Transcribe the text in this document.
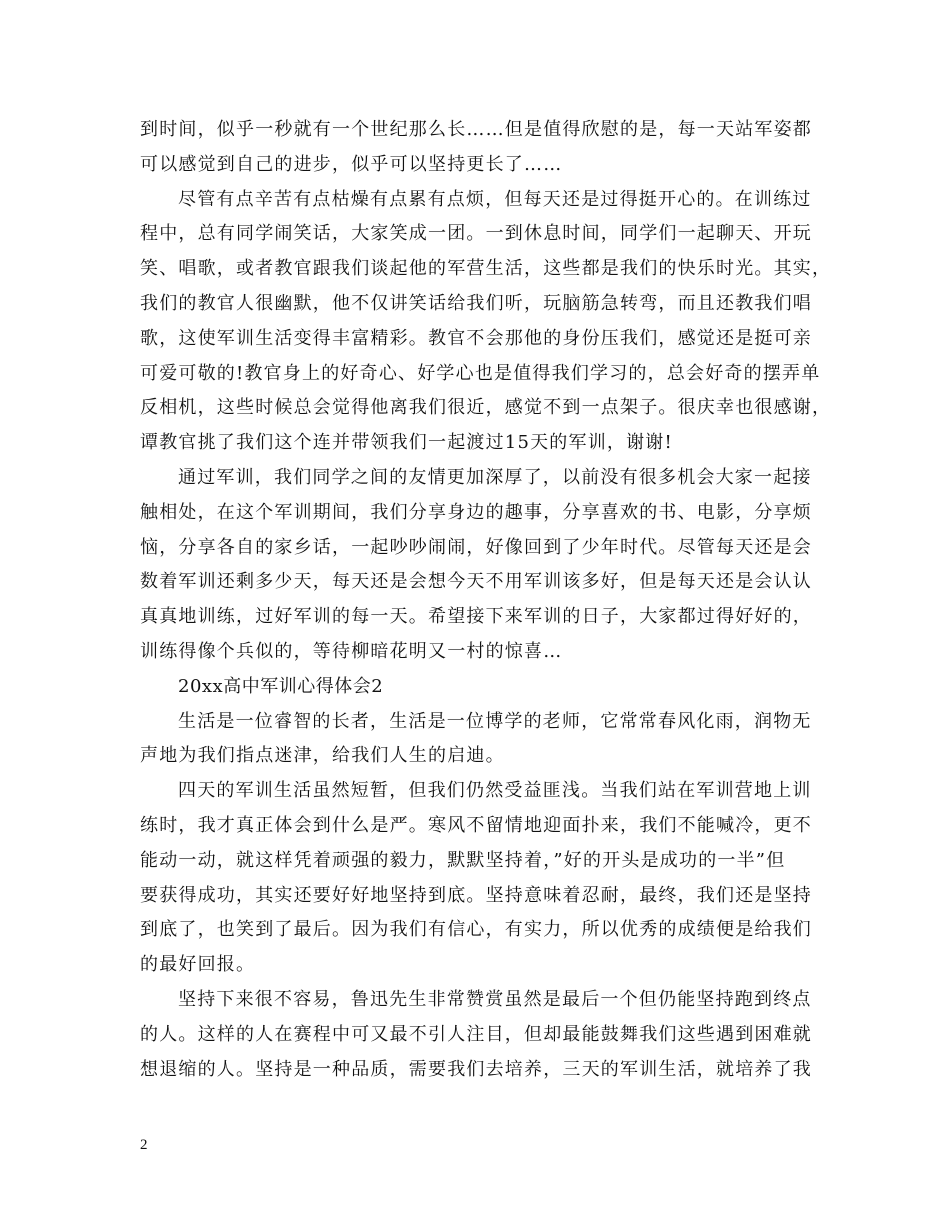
到时间，似乎一秒就有一个世纪那么长……但是值得欣慰的是，每一天站军姿都
可以感觉到自己的进步，似乎可以坚持更长了……
尽管有点辛苦有点枯燥有点累有点烦，但每天还是过得挺开心的。在训练过
程中，总有同学闹笑话，大家笑成一团。一到休息时间，同学们一起聊天、开玩
笑、唱歌，或者教官跟我们谈起他的军营生活，这些都是我们的快乐时光。其实，
我们的教官人很幽默，他不仅讲笑话给我们听，玩脑筋急转弯，而且还教我们唱
歌，这使军训生活变得丰富精彩。教官不会那他的身份压我们，感觉还是挺可亲
可爱可敬的!教官身上的好奇心、好学心也是值得我们学习的，总会好奇的摆弄单
反相机，这些时候总会觉得他离我们很近，感觉不到一点架子。很庆幸也很感谢，
谭教官挑了我们这个连并带领我们一起渡过15天的军训，谢谢!
通过军训，我们同学之间的友情更加深厚了，以前没有很多机会大家一起接
触相处，在这个军训期间，我们分享身边的趣事，分享喜欢的书、电影，分享烦
恼，分享各自的家乡话，一起吵吵闹闹，好像回到了少年时代。尽管每天还是会
数着军训还剩多少天，每天还是会想今天不用军训该多好，但是每天还是会认认
真真地训练，过好军训的每一天。希望接下来军训的日子，大家都过得好好的，
训练得像个兵似的，等待柳暗花明又一村的惊喜…
20xx高中军训心得体会2
生活是一位睿智的长者，生活是一位博学的老师，它常常春风化雨，润物无
声地为我们指点迷津，给我们人生的启迪。
四天的军训生活虽然短暂，但我们仍然受益匪浅。当我们站在军训营地上训
练时，我才真正体会到什么是严。寒风不留情地迎面扑来，我们不能喊冷，更不
能动一动，就这样凭着顽强的毅力，默默坚持着，”好的开头是成功的一半”但
要获得成功，其实还要好好地坚持到底。坚持意味着忍耐，最终，我们还是坚持
到底了，也笑到了最后。因为我们有信心，有实力，所以优秀的成绩便是给我们
的最好回报。
坚持下来很不容易，鲁迅先生非常赞赏虽然是最后一个但仍能坚持跑到终点
的人。这样的人在赛程中可又最不引人注目，但却最能鼓舞我们这些遇到困难就
想退缩的人。坚持是一种品质，需要我们去培养，三天的军训生活，就培养了我
2
